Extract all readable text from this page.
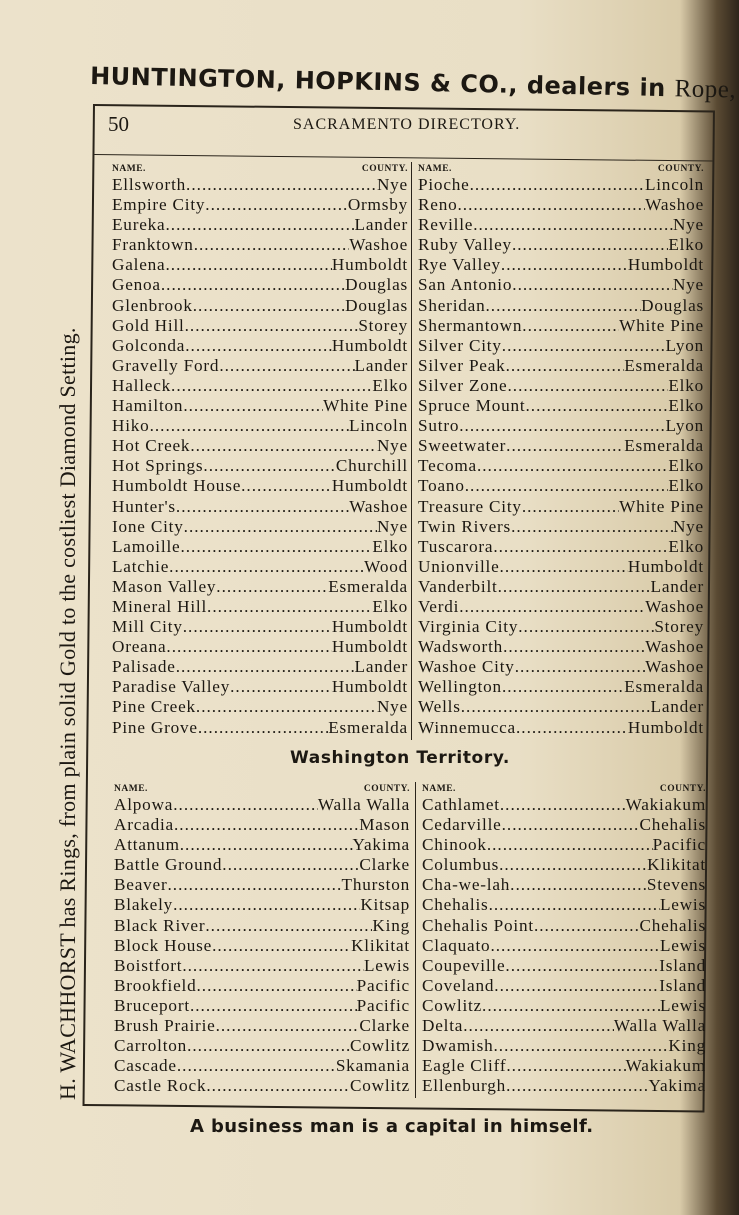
HUNTINGTON, HOPKINS & CO., dealers in Rope,
H. WACHHORST has Rings, from plain solid Gold to the costliest Diamond Setting.
50	SACRAMENTO DIRECTORY.
NAME.	COUNTY.
Ellsworth .....	Nye
Empire City .....	Ormsby
Eureka .....	Lander
Franktown .....	Washoe
Galena .....	Humboldt
Genoa .....	Douglas
Glenbrook .....	Douglas
Gold Hill .....	Storey
Golconda .....	Humboldt
Gravelly Ford .....	Lander
Halleck .....	Elko
Hamilton .....	White Pine
Hiko .....	Lincoln
Hot Creek .....	Nye
Hot Springs .....	Churchill
Humboldt House .....	Humboldt
Hunter's .....	Washoe
Ione City .....	Nye
Lamoille .....	Elko
Latchie .....	Wood
Mason Valley .....	Esmeralda
Mineral Hill .....	Elko
Mill City .....	Humboldt
Oreana .....	Humboldt
Palisade .....	Lander
Paradise Valley .....	Humboldt
Pine Creek .....	Nye
Pine Grove .....	Esmeralda
NAME.	COUNTY.
Pioche .....	Lincoln
Reno .....	Washoe
Reville .....	Nye
Ruby Valley .....	Elko
Rye Valley .....	Humboldt
San Antonio .....	Nye
Sheridan .....	Douglas
Shermantown .....	White Pine
Silver City .....	Lyon
Silver Peak .....	Esmeralda
Silver Zone .....	Elko
Spruce Mount .....	Elko
Sutro .....	Lyon
Sweetwater .....	Esmeralda
Tecoma .....	Elko
Toano .....	Elko
Treasure City .....	White Pine
Twin Rivers .....	Nye
Tuscarora .....	Elko
Unionville .....	Humboldt
Vanderbilt .....	Lander
Verdi .....	Washoe
Virginia City .....	Storey
Wadsworth .....	Washoe
Washoe City .....	Washoe
Wellington .....	Esmeralda
Wells .....	Lander
Winnemucca .....	Humboldt
Washington Territory.
NAME.	COUNTY.
Alpowa .....	Walla Walla
Arcadia .....	Mason
Attanum .....	Yakima
Battle Ground .....	Clarke
Beaver .....	Thurston
Blakely .....	Kitsap
Black River .....	King
Block House .....	Klikitat
Boistfort .....	Lewis
Brookfield .....	Pacific
Bruceport .....	Pacific
Brush Prairie .....	Clarke
Carrolton .....	Cowlitz
Cascade .....	Skamania
Castle Rock .....	Cowlitz
NAME.	COUNTY.
Cathlamet .....	Wakiakum
Cedarville .....	Chehalis
Chinook .....	Pacific
Columbus .....	Klikitat
Cha-we-lah .....	Stevens
Chehalis .....	Lewis
Chehalis Point .....	Chehalis
Claquato .....	Lewis
Coupeville .....	Island
Coveland .....	Island
Cowlitz .....	Lewis
Delta .....	Walla Walla
Dwamish .....	King
Eagle Cliff .....	Wakiakum
Ellenburgh .....	Yakima
A business man is a capital in himself.
